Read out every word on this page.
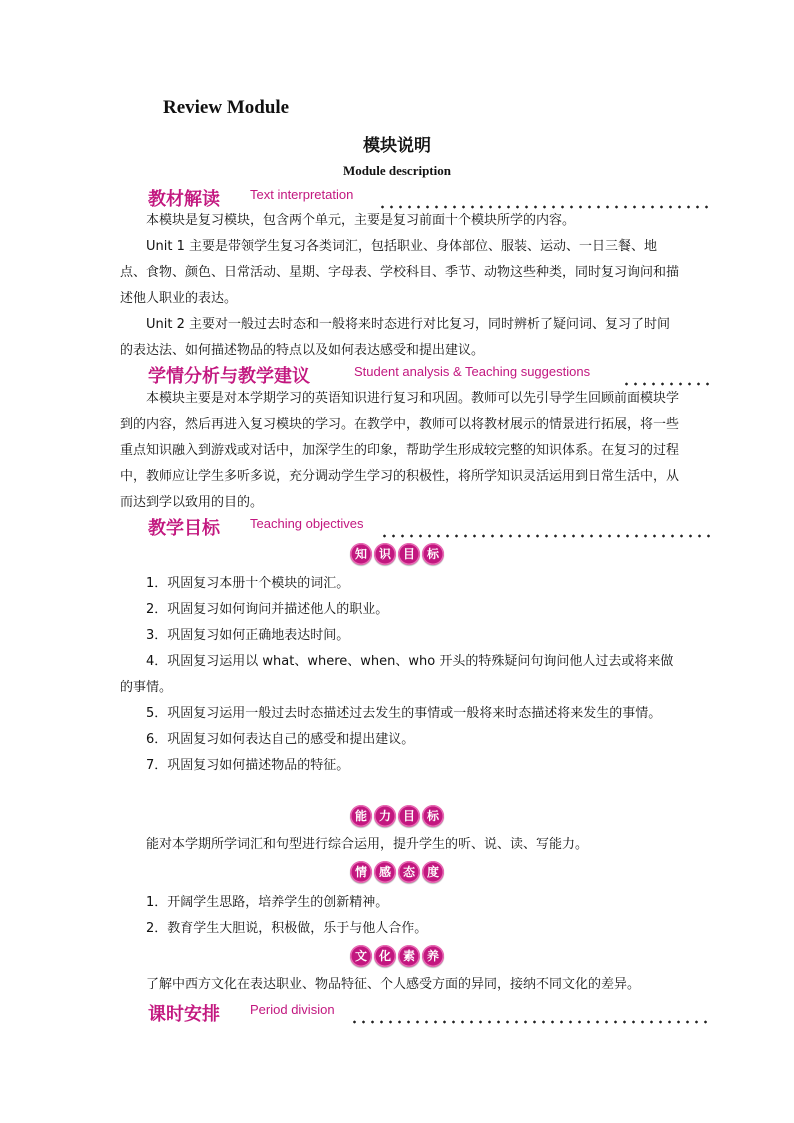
Review Module
模块说明
Module description
教材解读 Text interpretation

本模块是复习模块，包含两个单元，主要是复习前面十个模块所学的内容。

Unit 1 主要是带领学生复习各类词汇，包括职业、身体部位、服装、运动、一日三餐、地点、食物、颜色、日常活动、星期、字母表、学校科目、季节、动物这些种类，同时复习询问和描述他人职业的表达。

Unit 2 主要对一般过去时态和一般将来时态进行对比复习，同时辨析了疑问词、复习了时间的表达法、如何描述物品的特点以及如何表达感受和提出建议。

学情分析与教学建议	Student analysis & Teaching suggestions

本模块主要是对本学期学习的英语知识进行复习和巩固。教师可以先引导学生回顾前面模块学到的内容，然后再进入复习模块的学习。在教学中，教师可以将教材展示的情景进行拓展，将一些重点知识融入到游戏或对话中，加深学生的印象，帮助学生形成较完整的知识体系。在复习的过程中，教师应让学生多听多说，充分调动学生学习的积极性，将所学知识灵活运用到日常生活中，从而达到学以致用的目的。

教学目标 Teaching objectives
知 识 目 标

1．巩固复习本册十个模块的词汇。

2．巩固复习如何询问并描述他人的职业。

3．巩固复习如何正确地表达时间。

4．巩固复习运用以 what、where、when、who 开头的特殊疑问句询问他人过去或将来做的事情。

5．巩固复习运用一般过去时态描述过去发生的事情或一般将来时态描述将来发生的事情。

6．巩固复习如何表达自己的感受和提出建议。

7．巩固复习如何描述物品的特征。

能 力 目 标

能对本学期所学词汇和句型进行综合运用，提升学生的听、说、读、写能力。

情 感 态 度

1．开阔学生思路，培养学生的创新精神。

2．教育学生大胆说，积极做，乐于与他人合作。

文 化 素 养

了解中西方文化在表达职业、物品特征、个人感受方面的异同，接纳不同文化的差异。

课时安排 Period division
